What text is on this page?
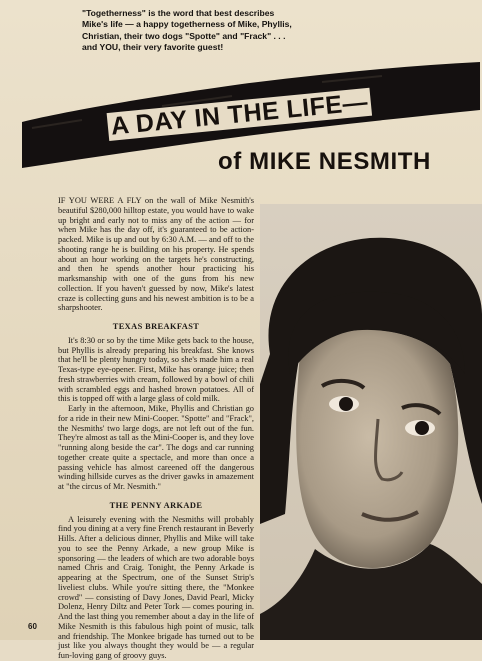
"Togetherness" is the word that best describes Mike's life — a happy togetherness of Mike, Phyllis, Christian, their two dogs "Spotte" and "Frack" . . . and YOU, their very favorite guest!

A DAY IN THE LIFE—
of MIKE NESMITH

IF YOU WERE A FLY on the wall of Mike Nesmith's beautiful $280,000 hilltop estate, you would have to wake up bright and early not to miss any of the action — for when Mike has the day off, it's guaranteed to be action-packed. Mike is up and out by 6:30 A.M. — and off to the shooting range he is building on his property. He spends about an hour working on the targets he's constructing, and then he spends another hour practicing his marksmanship with one of the guns from his new collection. If you haven't guessed by now, Mike's latest craze is collecting guns and his newest ambition is to be a sharpshooter.

TEXAS BREAKFAST

It's 8:30 or so by the time Mike gets back to the house, but Phyllis is already preparing his breakfast. She knows that he'll be plenty hungry today, so she's made him a real Texas-type eye-opener. First, Mike has orange juice; then fresh strawberries with cream, followed by a bowl of chili with scrambled eggs and hashed brown potatoes. All of this is topped off with a large glass of cold milk.

Early in the afternoon, Mike, Phyllis and Christian go for a ride in their new Mini-Cooper. "Spotte" and "Frack", the Nesmiths' two large dogs, are not left out of the fun. They're almost as tall as the Mini-Cooper is, and they love "running along beside the car". The dogs and car running together create quite a spectacle, and more than once a passing vehicle has almost careened off the dangerous winding hillside curves as the driver gawks in amazement at "the circus of Mr. Nesmith."

THE PENNY ARKADE

A leisurely evening with the Nesmiths will probably find you dining at a very fine French restaurant in Beverly Hills. After a delicious dinner, Phyllis and Mike will take you to see the Penny Arkade, a new group Mike is sponsoring — the leaders of which are two adorable boys named Chris and Craig. Tonight, the Penny Arkade is appearing at the Spectrum, one of the Sunset Strip's liveliest clubs. While you're sitting there, the "Monkee crowd" — consisting of Davy Jones, David Pearl, Micky Dolenz, Henry Diltz and Peter Tork — comes pouring in. And the last thing you remember about a day in the life of Mike Nesmith is this fabulous high point of music, talk and friendship. The Monkee brigade has turned out to be just like you always thought they would be — a regular fun-loving gang of groovy guys.

60
